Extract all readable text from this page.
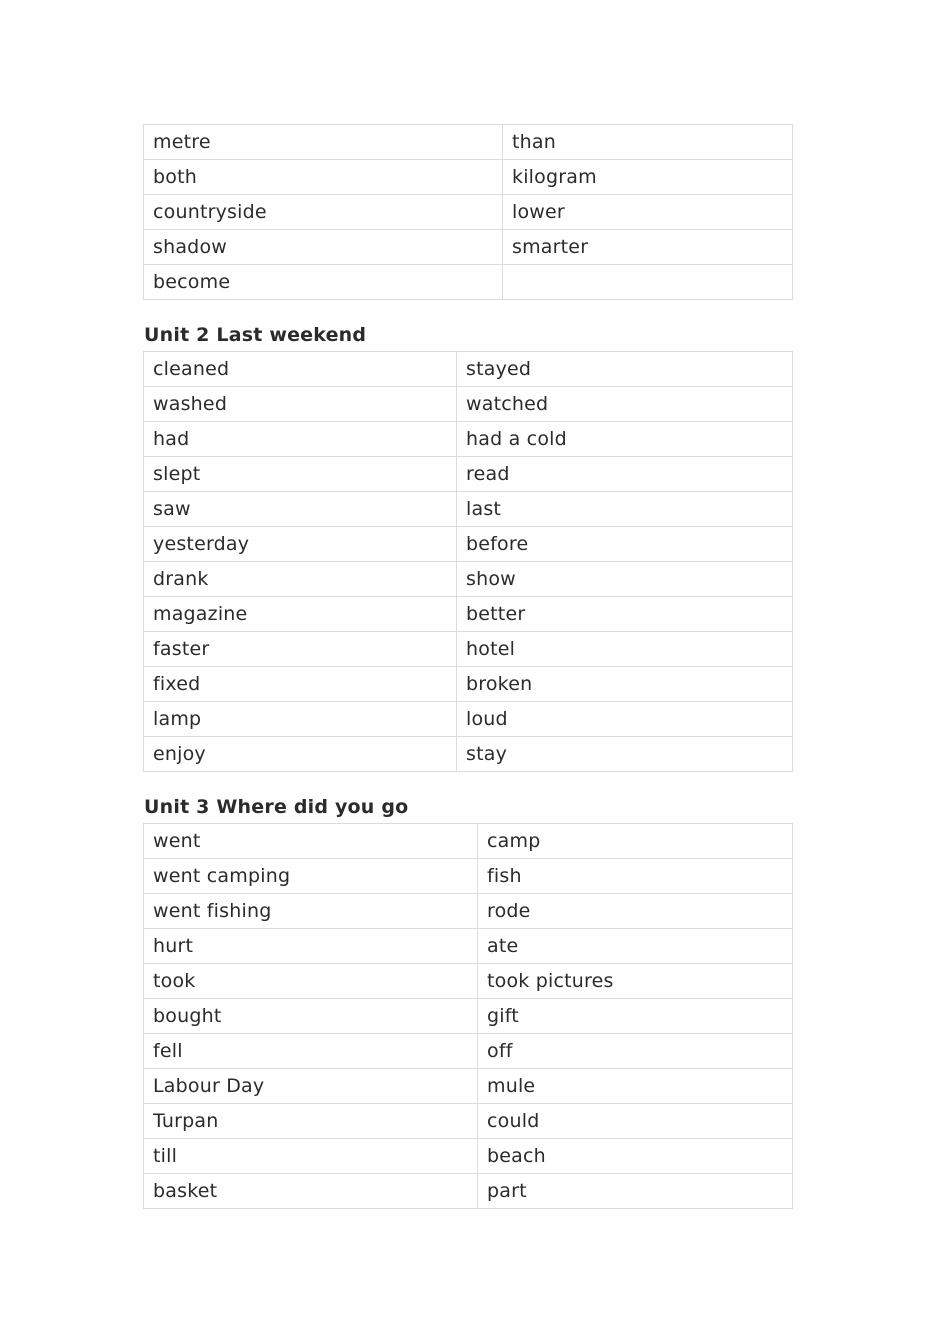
metre	than
both	kilogram
countryside	lower
shadow	smarter
become	
Unit 2 Last weekend
cleaned	stayed
washed	watched
had	had a cold
slept	read
saw	last
yesterday	before
drank	show
magazine	better
faster	hotel
fixed	broken
lamp	loud
enjoy	stay
Unit 3 Where did you go
went	camp
went camping	fish
went fishing	rode
hurt	ate
took	took pictures
bought	gift
fell	off
Labour Day	mule
Turpan	could
till	beach
basket	part
